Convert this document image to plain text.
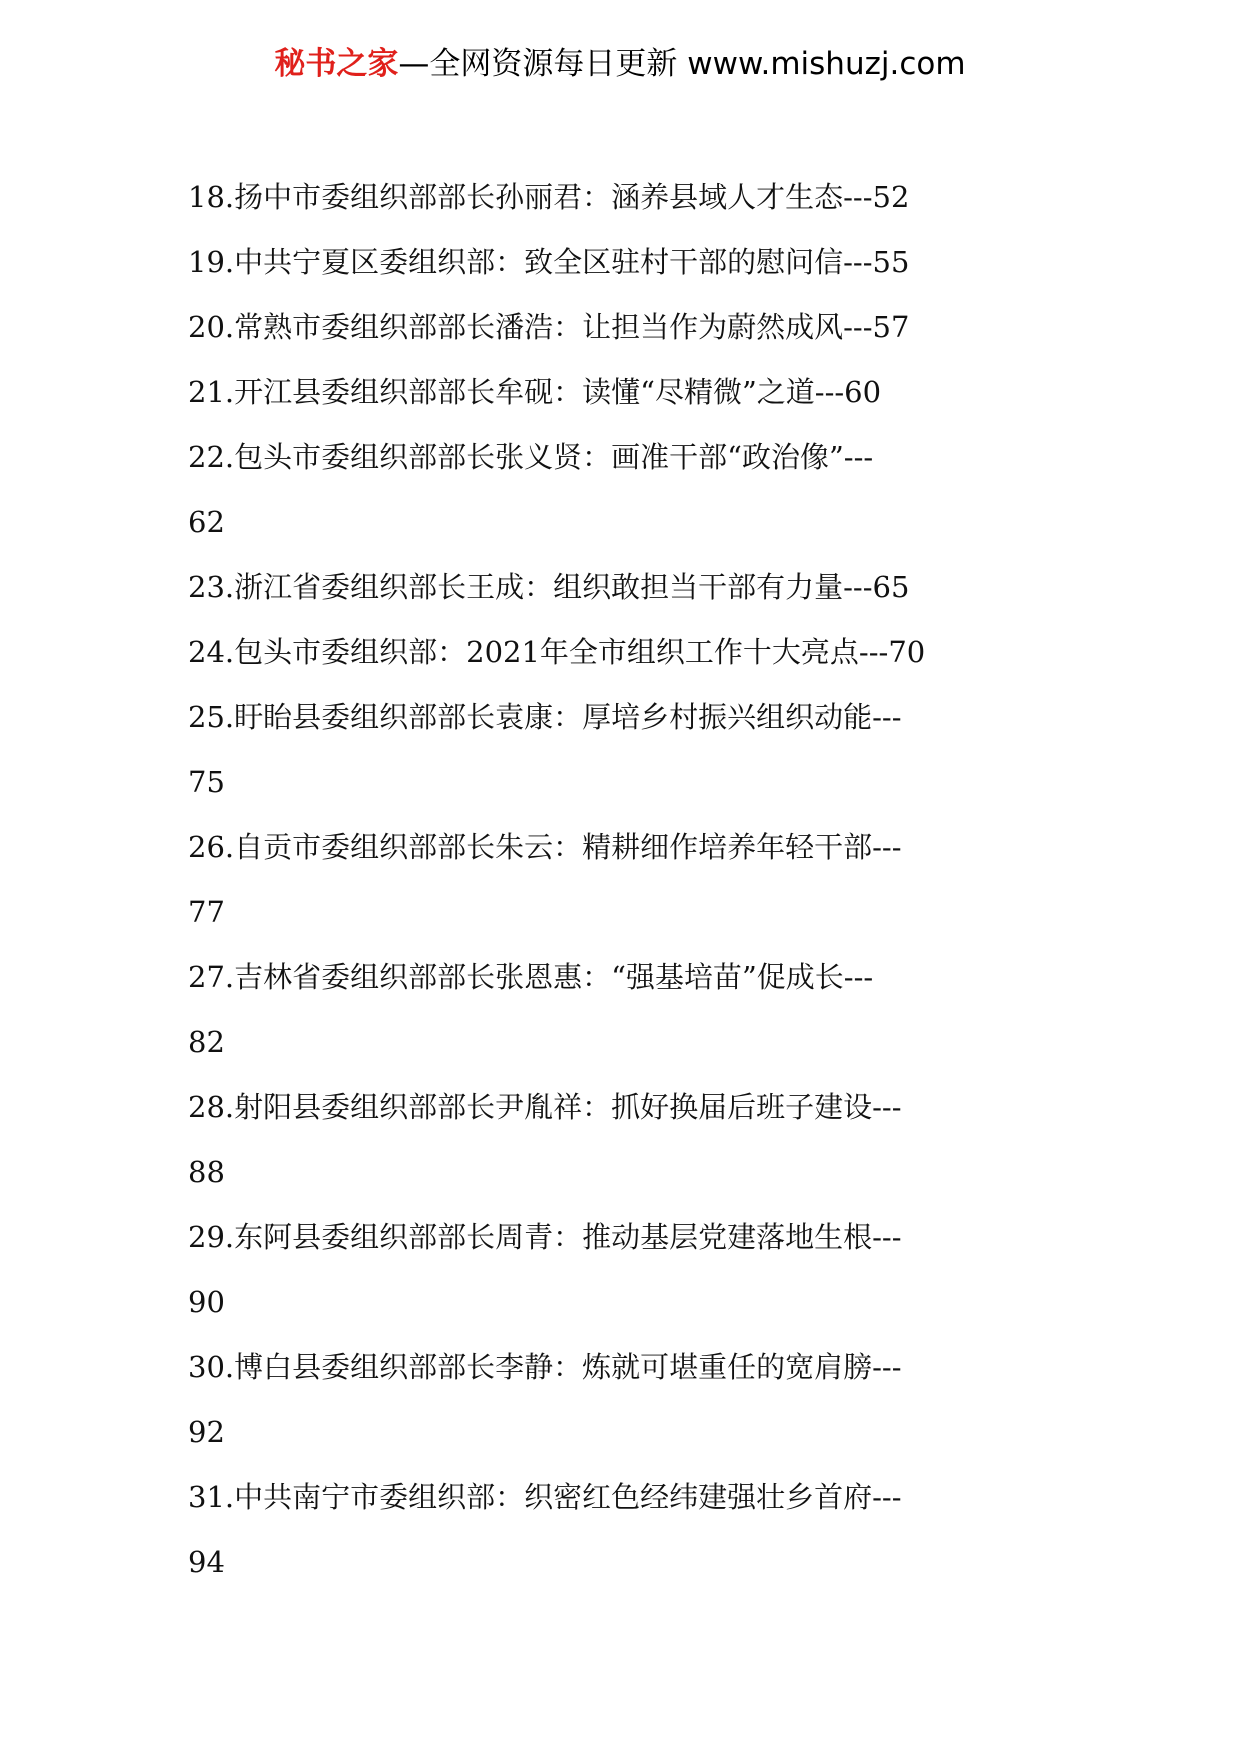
秘书之家—全网资源每日更新 www.mishuzj.com
18.扬中市委组织部部长孙丽君：涵养县域人才生态---52
19.中共宁夏区委组织部：致全区驻村干部的慰问信---55
20.常熟市委组织部部长潘浩：让担当作为蔚然成风---57
21.开江县委组织部部长牟砚：读懂“尽精微”之道---60
22.包头市委组织部部长张义贤：画准干部“政治像”---
62
23.浙江省委组织部长王成：组织敢担当干部有力量---65
24.包头市委组织部：2021年全市组织工作十大亮点---70
25.盱眙县委组织部部长袁康：厚培乡村振兴组织动能---
75
26.自贡市委组织部部长朱云：精耕细作培养年轻干部---
77
27.吉林省委组织部部长张恩惠：“强基培苗”促成长---
82
28.射阳县委组织部部长尹胤祥：抓好换届后班子建设---
88
29.东阿县委组织部部长周青：推动基层党建落地生根---
90
30.博白县委组织部部长李静：炼就可堪重任的宽肩膀---
92
31.中共南宁市委组织部：织密红色经纬建强壮乡首府---
94
